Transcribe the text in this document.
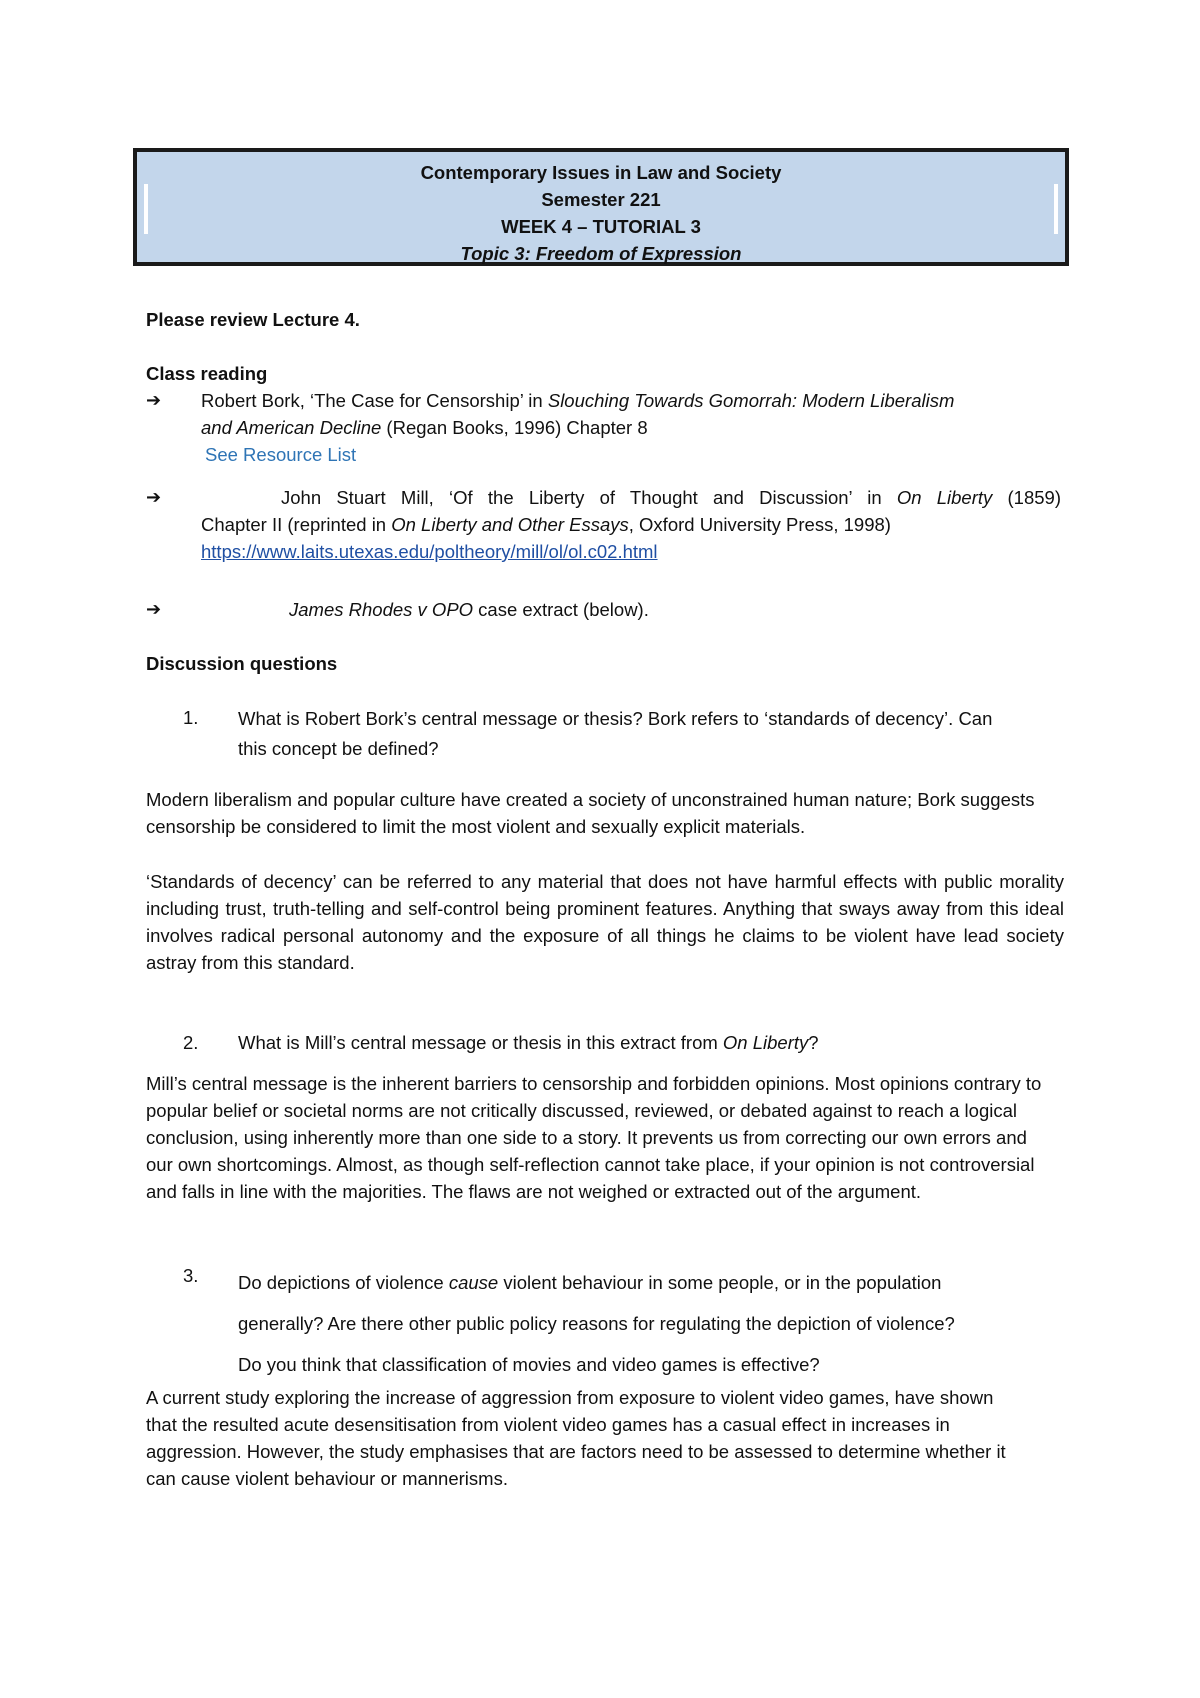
Contemporary Issues in Law and Society
Semester 221
WEEK 4 – TUTORIAL 3
Topic 3: Freedom of Expression
Please review Lecture 4.
Class reading
➔	Robert Bork, ‘The Case for Censorship’ in Slouching Towards Gomorrah: Modern Liberalism
and American Decline (Regan Books, 1996) Chapter 8
See Resource List
➔	John Stuart Mill, ‘Of the Liberty of Thought and Discussion’ in On Liberty (1859)
Chapter II (reprinted in On Liberty and Other Essays, Oxford University Press, 1998)
https://www.laits.utexas.edu/poltheory/mill/ol/ol.c02.html
➔	James Rhodes v OPO case extract (below).
Discussion questions
1. What is Robert Bork’s central message or thesis? Bork refers to ‘standards of decency’. Can
this concept be defined?
Modern liberalism and popular culture have created a society of unconstrained human nature; Bork suggests censorship be considered to limit the most violent and sexually explicit materials.
‘Standards of decency’ can be referred to any material that does not have harmful effects with public morality including trust, truth-telling and self-control being prominent features. Anything that sways away from this ideal involves radical personal autonomy and the exposure of all things he claims to be violent have lead society astray from this standard.
2. What is Mill’s central message or thesis in this extract from On Liberty?
Mill’s central message is the inherent barriers to censorship and forbidden opinions. Most opinions contrary to popular belief or societal norms are not critically discussed, reviewed, or debated against to reach a logical conclusion, using inherently more than one side to a story. It prevents us from correcting our own errors and our own shortcomings. Almost, as though self-reflection cannot take place, if your opinion is not controversial and falls in line with the majorities. The flaws are not weighed or extracted out of the argument.
3. Do depictions of violence cause violent behaviour in some people, or in the population
generally? Are there other public policy reasons for regulating the depiction of violence?
Do you think that classification of movies and video games is effective?
A current study exploring the increase of aggression from exposure to violent video games, have shown that the resulted acute desensitisation from violent video games has a casual effect in increases in aggression. However, the study emphasises that are factors need to be assessed to determine whether it can cause violent behaviour or mannerisms.
